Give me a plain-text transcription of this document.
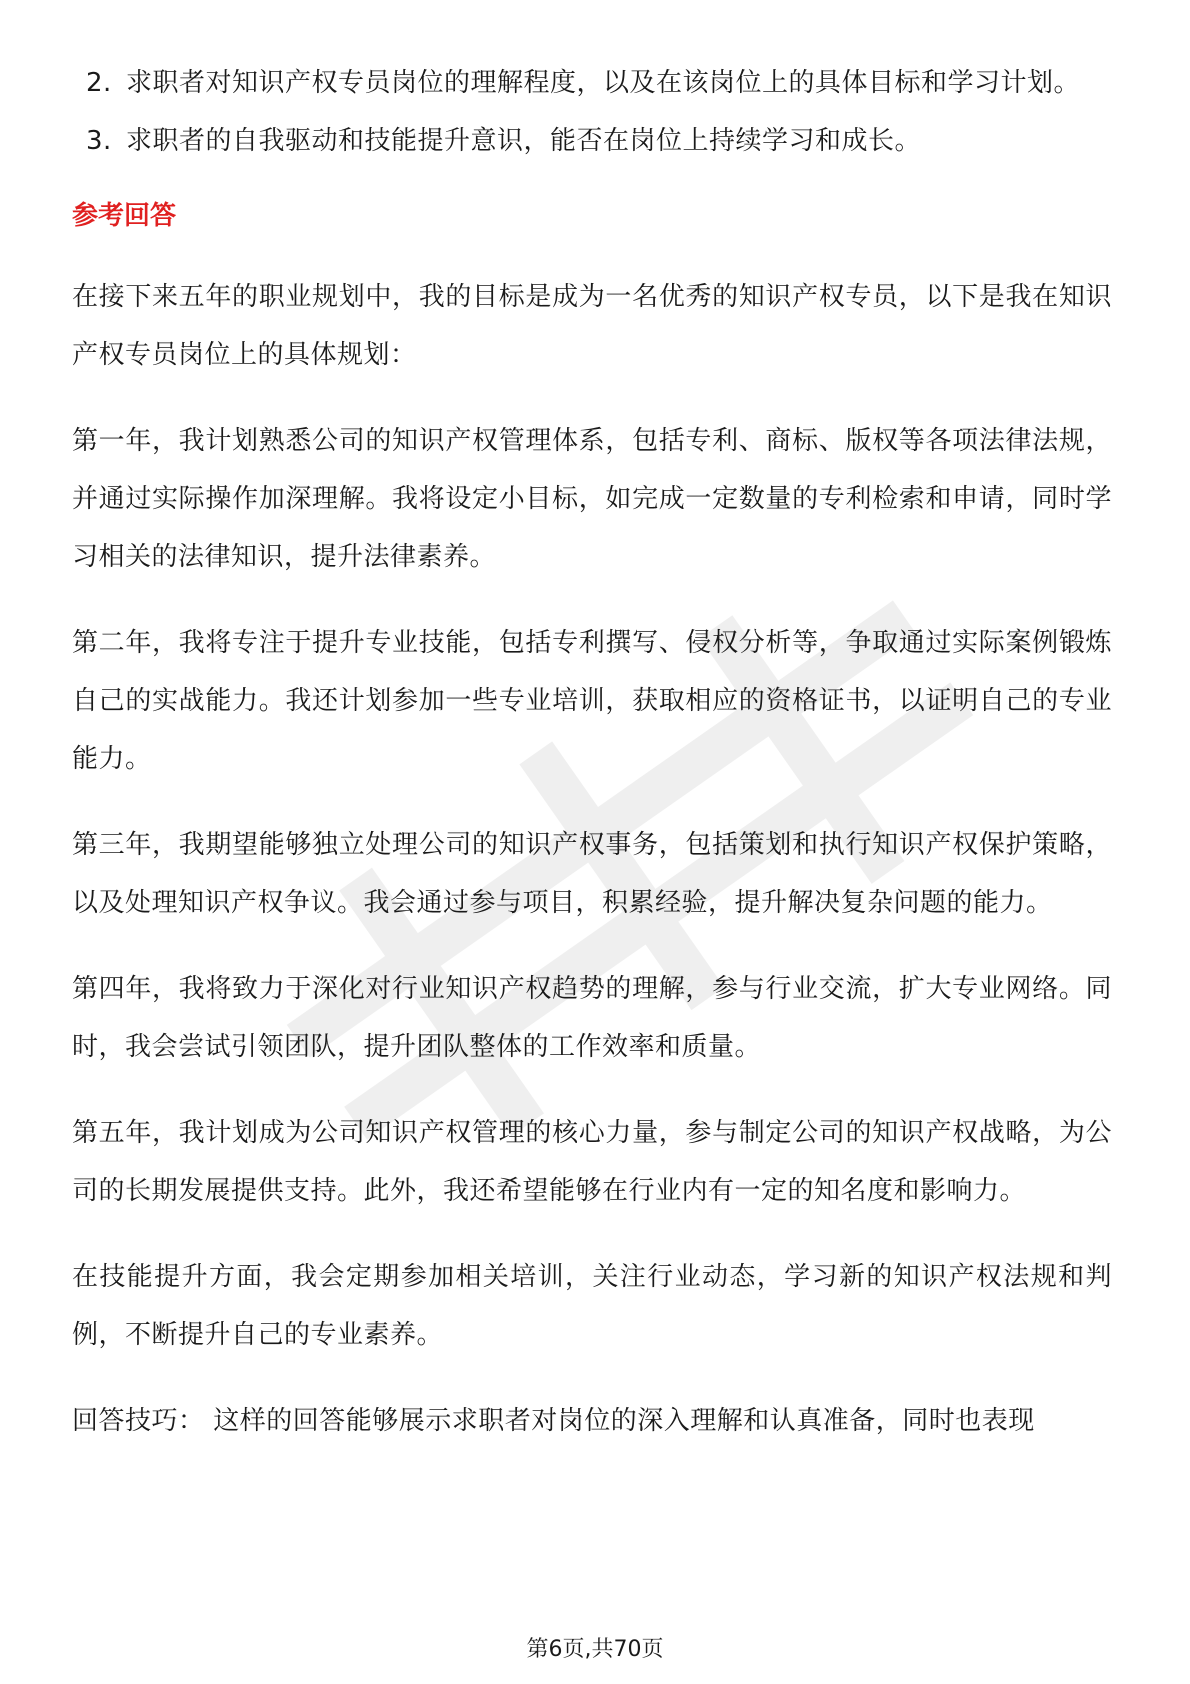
2. 求职者对知识产权专员岗位的理解程度，以及在该岗位上的具体目标和学习计划。
3. 求职者的自我驱动和技能提升意识，能否在岗位上持续学习和成长。
参考回答

在接下来五年的职业规划中，我的目标是成为一名优秀的知识产权专员，以下是我在知识产权专员岗位上的具体规划：

第一年，我计划熟悉公司的知识产权管理体系，包括专利、商标、版权等各项法律法规，并通过实际操作加深理解。我将设定小目标，如完成一定数量的专利检索和申请，同时学习相关的法律知识，提升法律素养。

第二年，我将专注于提升专业技能，包括专利撰写、侵权分析等，争取通过实际案例锻炼自己的实战能力。我还计划参加一些专业培训，获取相应的资格证书，以证明自己的专业能力。

第三年，我期望能够独立处理公司的知识产权事务，包括策划和执行知识产权保护策略，以及处理知识产权争议。我会通过参与项目，积累经验，提升解决复杂问题的能力。

第四年，我将致力于深化对行业知识产权趋势的理解，参与行业交流，扩大专业网络。同时，我会尝试引领团队，提升团队整体的工作效率和质量。

第五年，我计划成为公司知识产权管理的核心力量，参与制定公司的知识产权战略，为公司的长期发展提供支持。此外，我还希望能够在行业内有一定的知名度和影响力。

在技能提升方面，我会定期参加相关培训，关注行业动态，学习新的知识产权法规和判例，不断提升自己的专业素养。

回答技巧： 这样的回答能够展示求职者对岗位的深入理解和认真准备，同时也表现

第6页,共70页
